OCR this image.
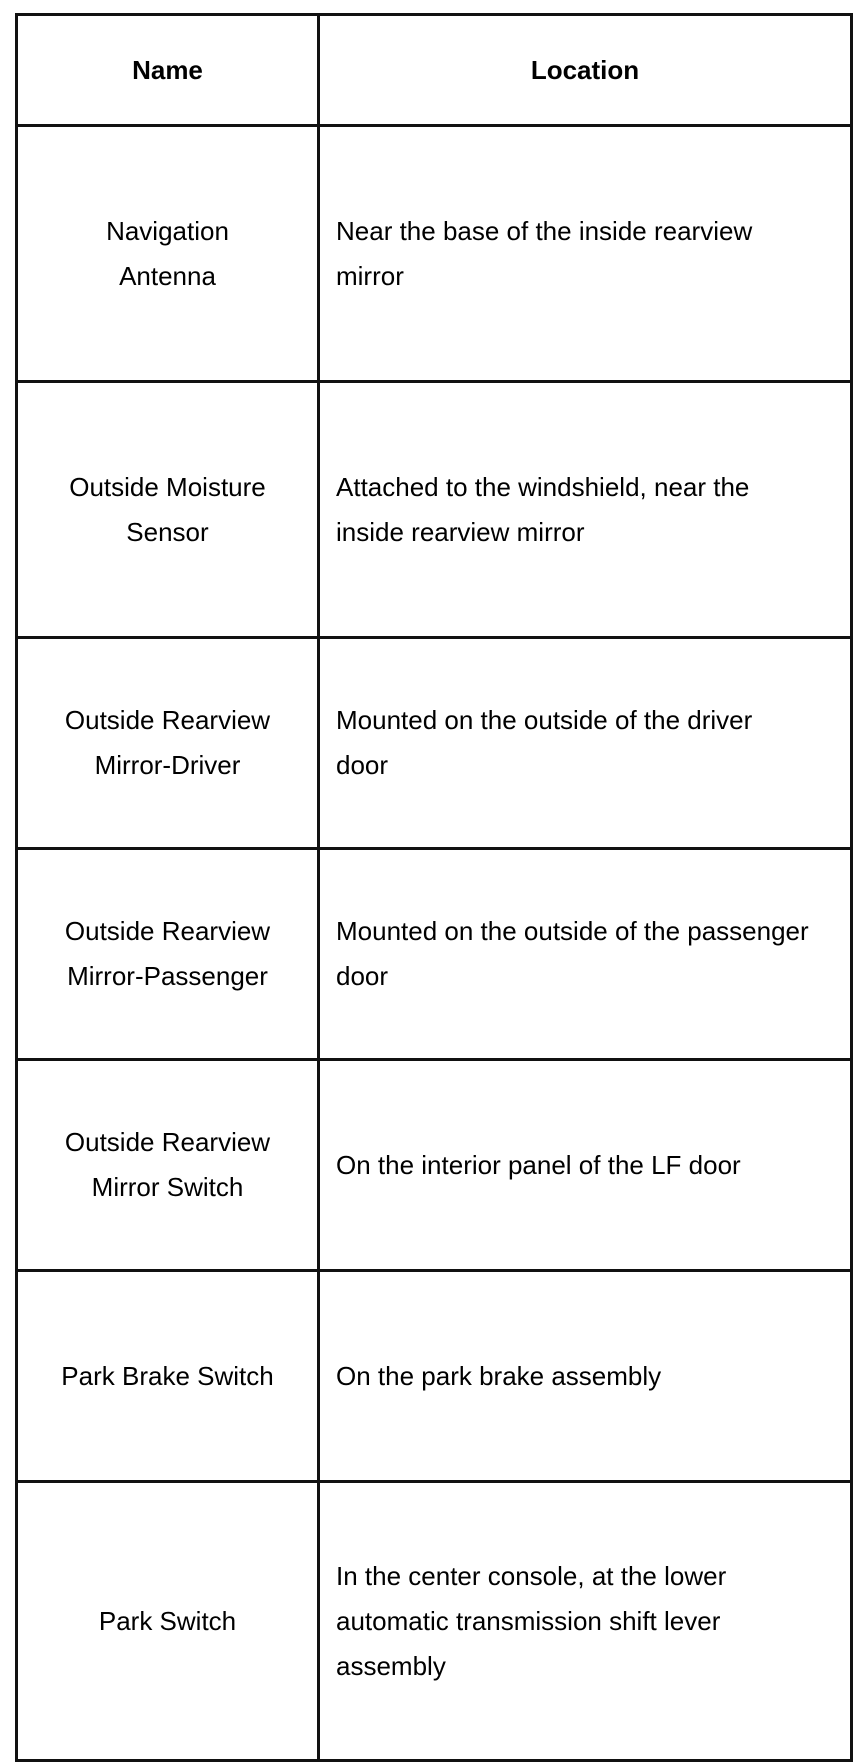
Name	Location

Navigation Antenna	Near the base of the inside rearview mirror

Outside Moisture Sensor	Attached to the windshield, near the inside rearview mirror

Outside Rearview Mirror-Driver	Mounted on the outside of the driver door

Outside Rearview Mirror-Passenger	Mounted on the outside of the passenger door

Outside Rearview Mirror Switch	On the interior panel of the LF door

Park Brake Switch	On the park brake assembly

Park Switch	In the center console, at the lower automatic transmission shift lever assembly
